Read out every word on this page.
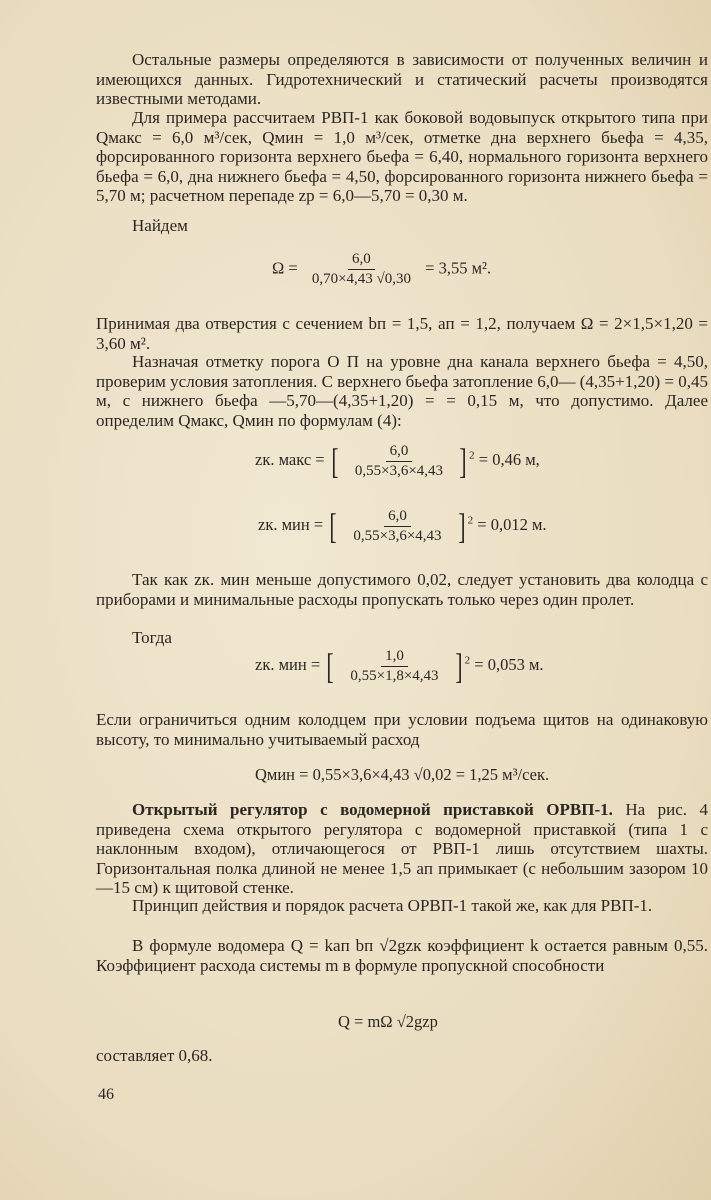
Остальные размеры определяются в зависимости от полученных величин и имеющихся данных. Гидротехнический и статический расчеты производятся известными методами.

Для примера рассчитаем РВП-1 как боковой водовыпуск открытого типа при Qмакс = 6,0 м³/сек, Qмин = 1,0 м³/сек, отметке дна верхнего бьефа = 4,35, форсированного горизонта верхнего бьефа = 6,40, нормального горизонта верхнего бьефа = 6,0, дна нижнего бьефа = 4,50, форсированного горизонта нижнего бьефа = 5,70 м; расчетном перепаде zр = 6,0—5,70 = 0,30 м.

Найдем

$\Omega = \frac{6,0}{0,70\times 4,43 √0,30} = 3,55$ м².

Принимая два отверстия с сечением bп = 1,5, aп = 1,2, получаем Ω = 2×1,5×1,20 = 3,60 м².

Назначая отметку порога О П на уровне дна канала верхнего бьефа = 4,50, проверим условия затопления. С верхнего бьефа затопление 6,0— (4,35+1,20) = 0,45 м, с нижнего бьефа —5,70—(4,35+1,20) = = 0,15 м, что допустимо. Далее определим Qмакс, Qмин по формулам (4):

zк. макс = [ $\frac{6,0}{0,55\times 3,6\times 4,43}$ ] $^2$ = 0,46 м,
zк. мин = [ $\frac{6,0}{0,55\times 3,6\times 4,43}$ ] $^2$ = 0,012 м.

Так как zк. мин меньше допустимого 0,02, следует установить два колодца с приборами и минимальные расходы пропускать только через один пролет.

Тогда

zк. мин = [ $\frac{1,0}{0,55\times 1,8\times 4,43}$ ] $^2$ = 0,053 м.

Если ограничиться одним колодцем при условии подъема щитов на одинаковую высоту, то минимально учитываемый расход

Qмин = 0,55×3,6×4,43 √0,02 = 1,25 м³/сек.

Открытый регулятор с водомерной приставкой ОРВП-1. На рис. 4 приведена схема открытого регулятора с водомерной приставкой (типа 1 с наклонным входом), отличающегося от РВП-1 лишь отсутствием шахты. Горизонтальная полка длиной не менее 1,5 aп примыкает (с небольшим зазором 10—15 см) к щитовой стенке.

Принцип действия и порядок расчета ОРВП-1 такой же, как для РВП-1.

В формуле водомера Q = kaп bп √2gzк коэффициент k остается равным 0,55. Коэффициент расхода системы m в формуле пропускной способности

Q = mΩ √2gzр

составляет 0,68.

46
